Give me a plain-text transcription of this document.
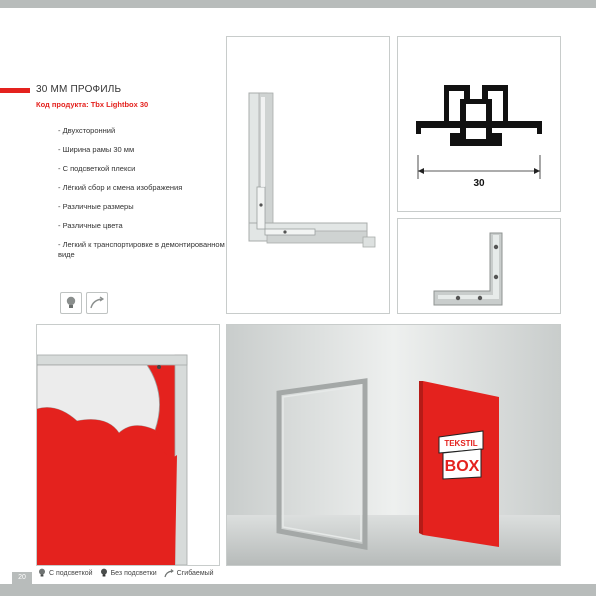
30 ММ ПРОФИЛЬ
Код продукта: Tbx Lightbox 30
- Двухсторонний
- Ширина рамы 30 мм
- С подсветкой плекси
- Лёгкий сбор и смена изображения
- Различные размеры
- Различные цвета
- Легкий к транспортировке в демонтированном виде
30
TEKSTIL
BOX
20
С подсветкой	Без подсветки	Сгибаемый
